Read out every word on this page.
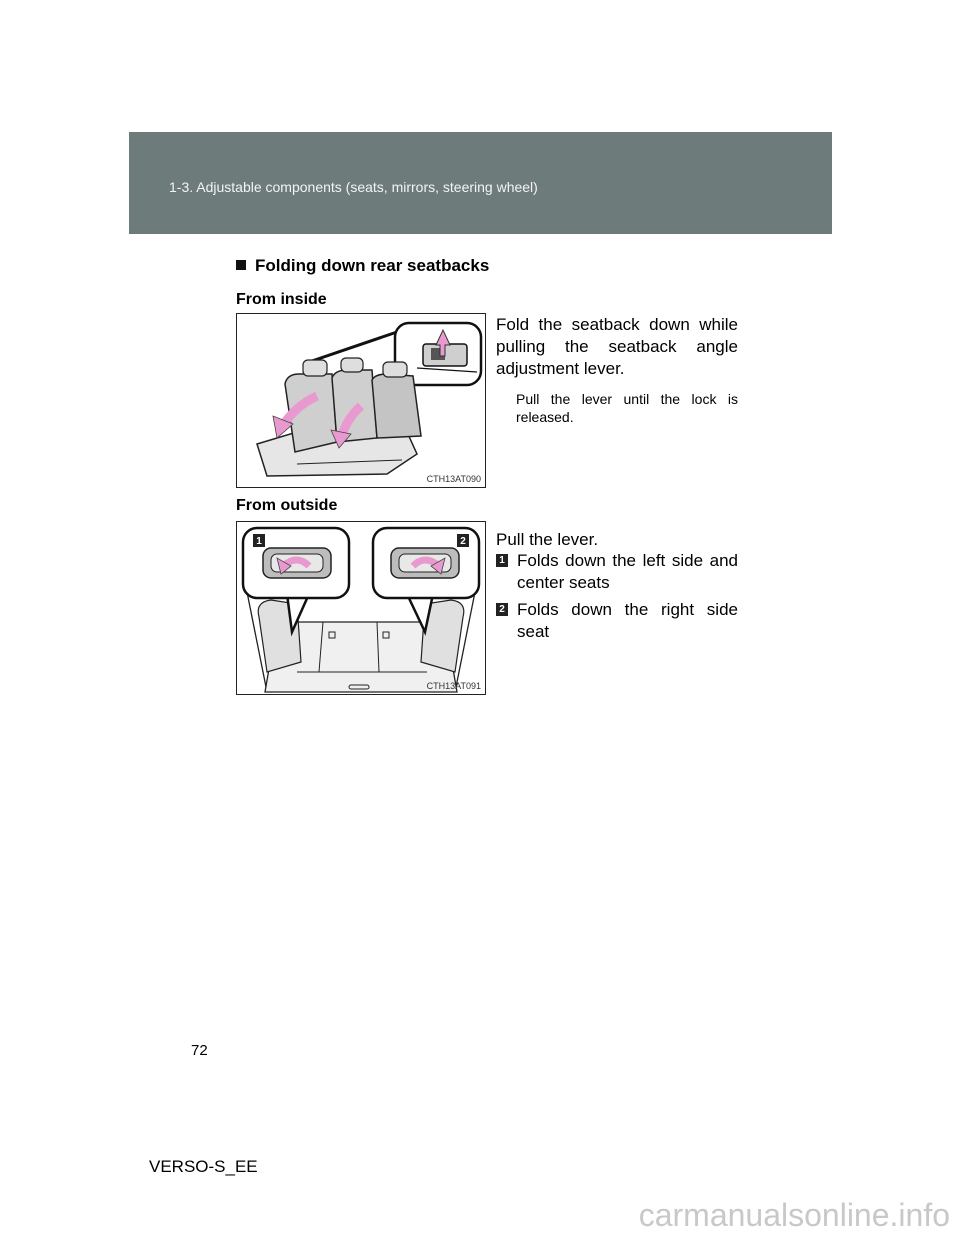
1-3. Adjustable components (seats, mirrors, steering wheel)
Folding down rear seatbacks
From inside
CTH13AT090
Fold the seatback down while pulling the seatback angle adjustment lever.
Pull the lever until the lock is released.
From outside
1	2
CTH13AT091
Pull the lever.
1 Folds down the left side and center seats
2 Folds down the right side seat
72
VERSO-S_EE
carmanualsonline.info
